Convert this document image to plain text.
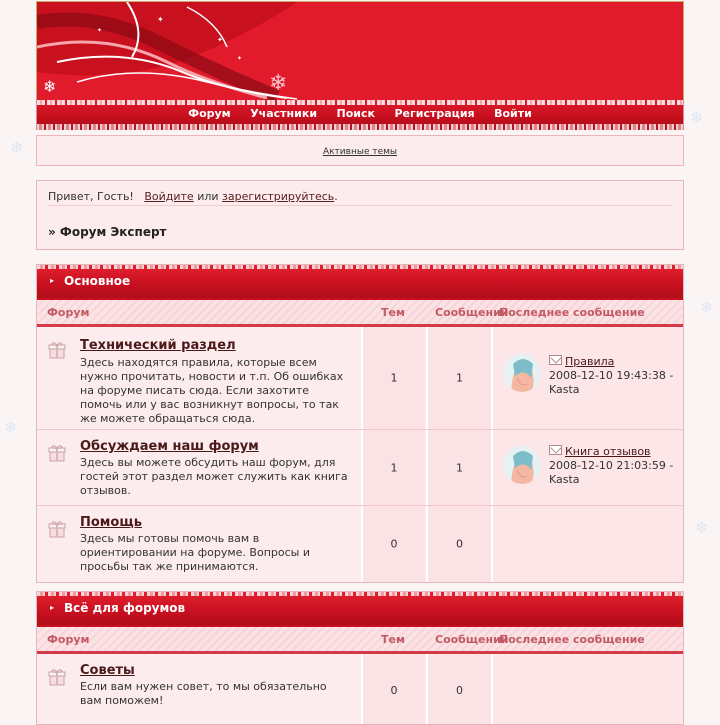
❄
❄
❄
❄
❄
❄	❄
✦
✦
✦
✦
Форум Участники Поиск Регистрация Войти
Активные темы
Привет, Гость! Войдите или зарегистрируйтесь.
» Форум Эксперт
▸ Основное
Форум	Тем	Сообщений
Последнее сообщение
Технический раздел
Здесь находятся правила, которые всем нужно прочитать, новости и т.п. Об ошибках на форуме писать сюда. Если захотите помочь или у вас возникнут вопросы, то так же можете обращаться сюда.
1	1
Правила
2008-12-10 19:43:38 -
Kasta
Обсуждаем наш форум
Здесь вы можете обсудить наш форум, для гостей этот раздел может служить как книга отзывов.
1	1
Книга отзывов
2008-12-10 21:03:59 -
Kasta
Помощь
Здесь мы готовы помочь вам в ориентировании на форуме. Вопросы и просьбы так же принимаются.
0	0
▸ Всё для форумов
Форум	Тем	Сообщений
Последнее сообщение
Советы
Если вам нужен совет, то мы обязательно вам поможем!
0	0
